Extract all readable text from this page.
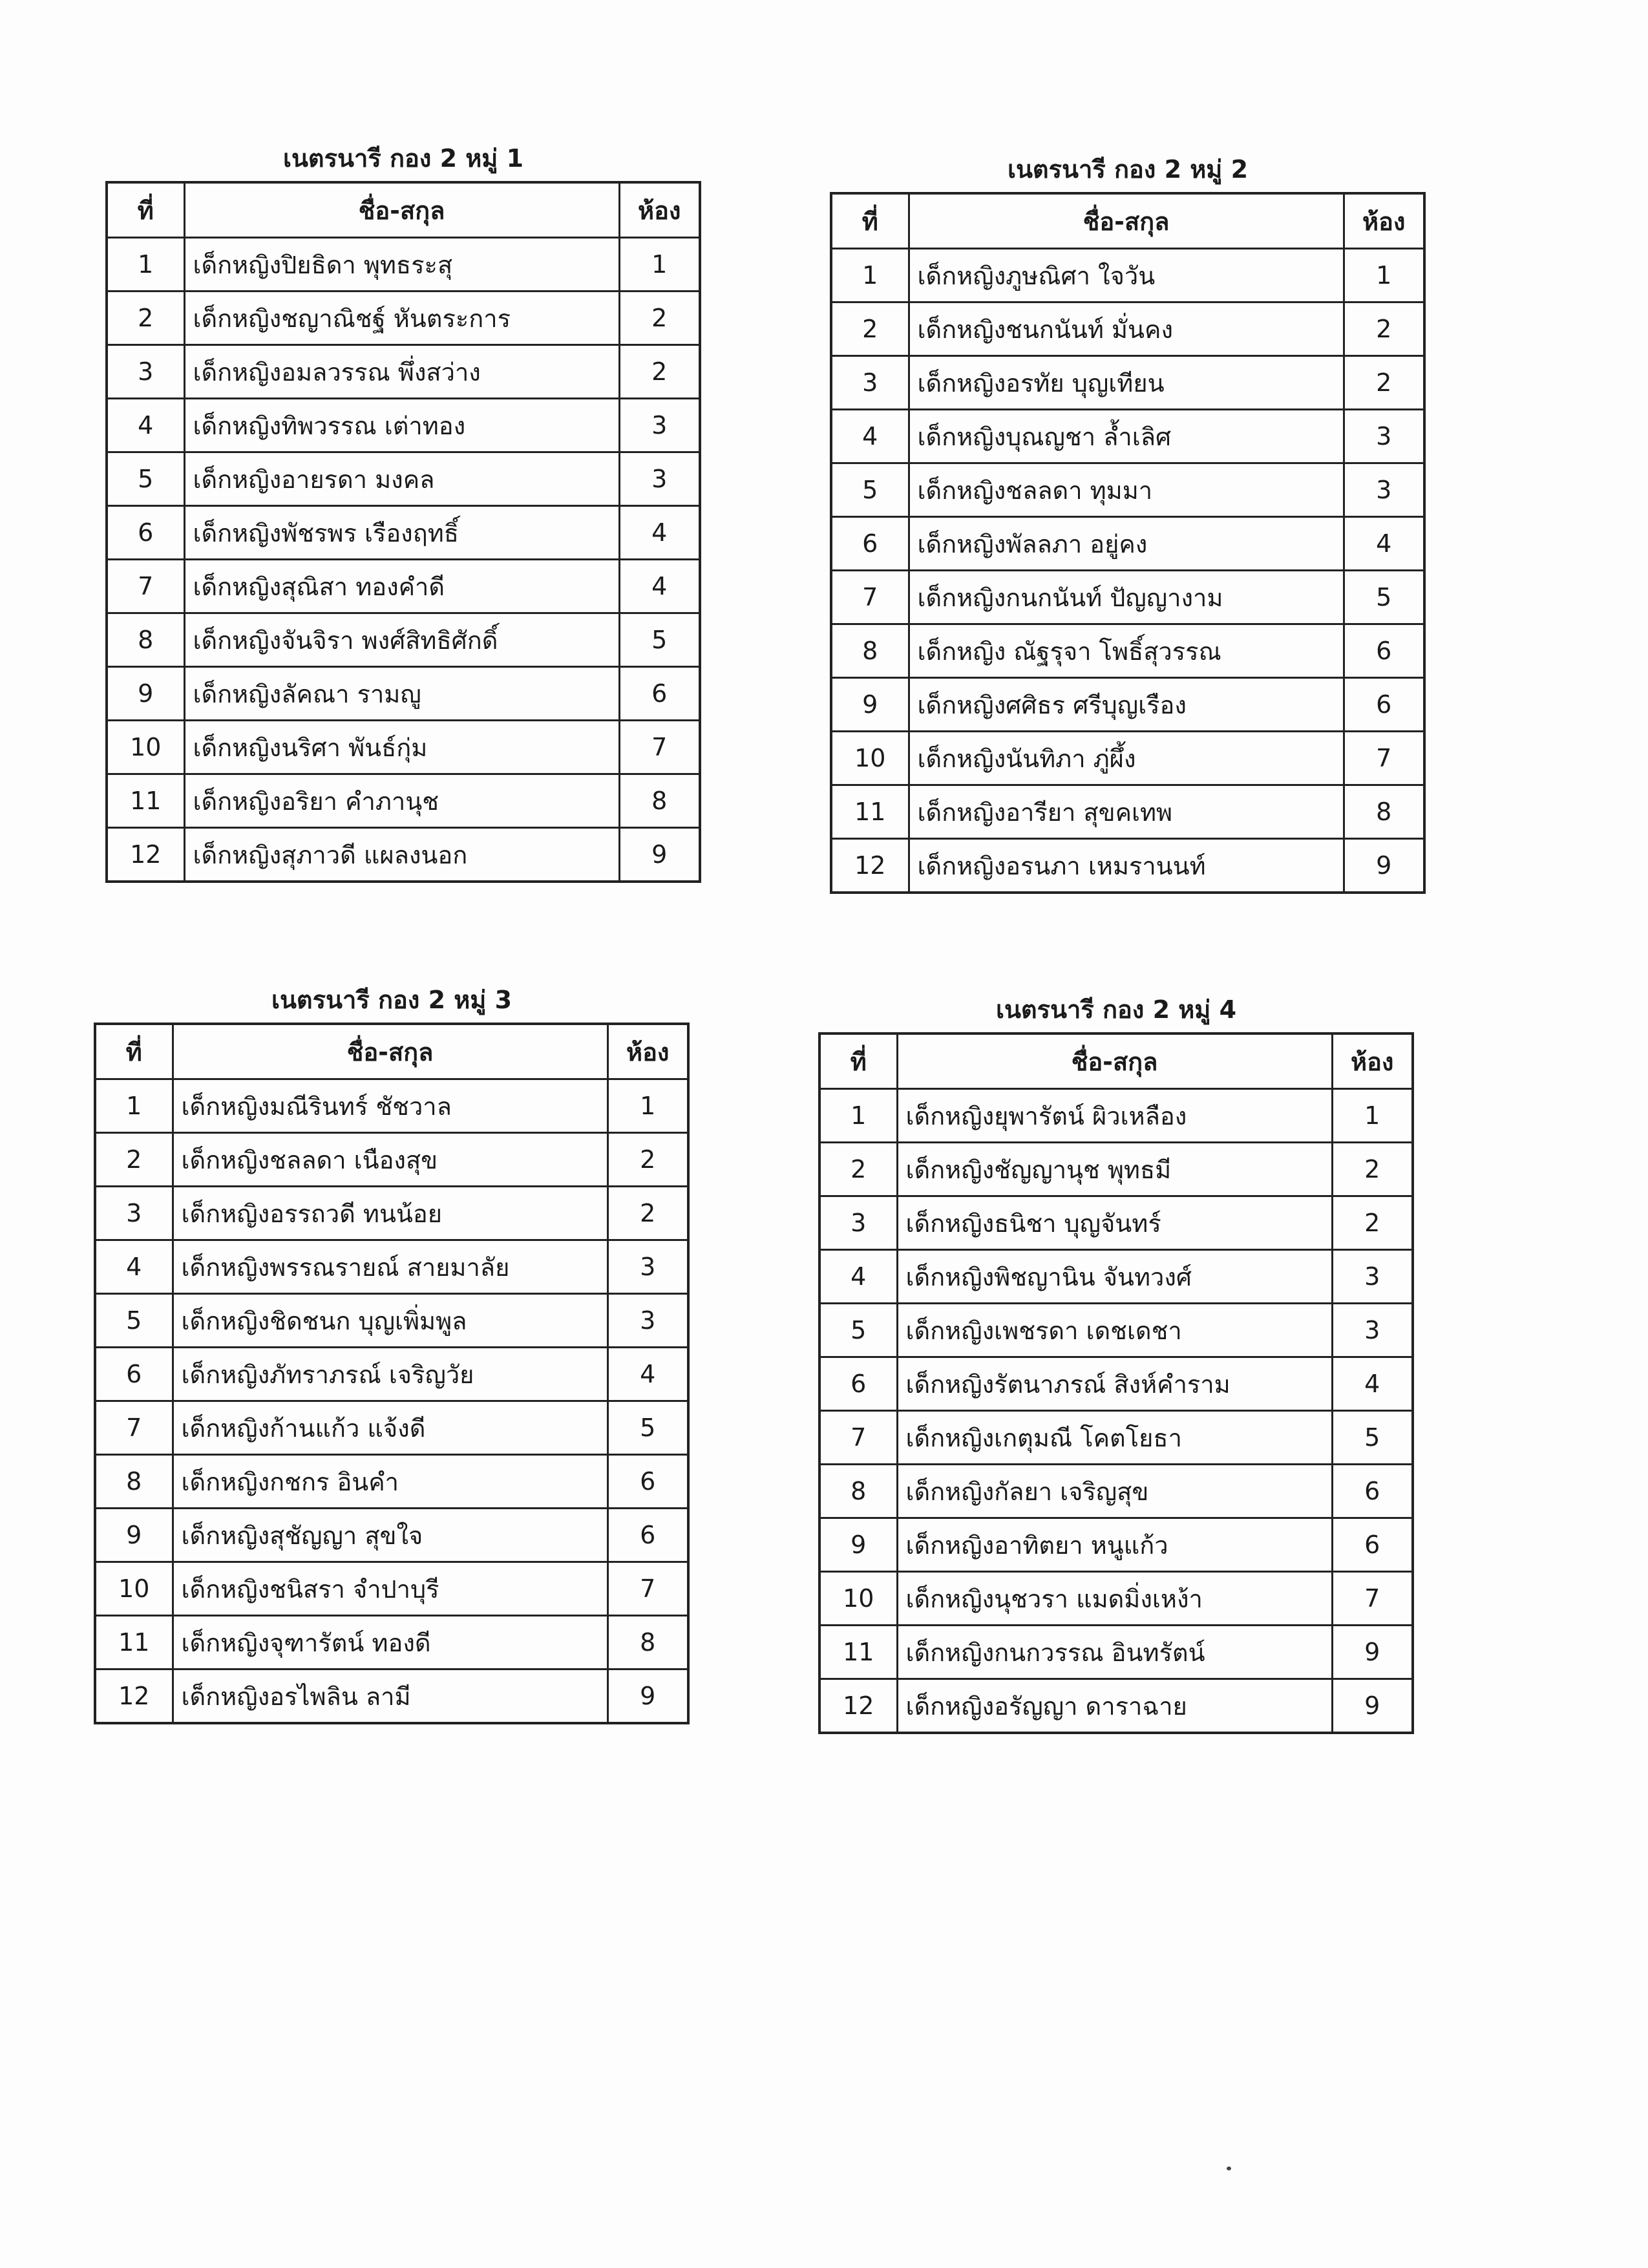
เนตรนารี กอง 2 หมู่ 1
ที่	ชื่อ-สกุล	ห้อง
1	เด็กหญิงปิยธิดา พุทธระสุ	1
2	เด็กหญิงชญาณิชฐ์ หันตระการ	2
3	เด็กหญิงอมลวรรณ พึ่งสว่าง	2
4	เด็กหญิงทิพวรรณ เต่าทอง	3
5	เด็กหญิงอายรดา มงคล	3
6	เด็กหญิงพัชรพร เรืองฤทธิ์	4
7	เด็กหญิงสุณิสา ทองคำดี	4
8	เด็กหญิงจันจิรา พงศ์สิทธิศักดิ์	5
9	เด็กหญิงลัคณา รามญู	6
10	เด็กหญิงนริศา พันธ์กุ่ม	7
11	เด็กหญิงอริยา คำภานุช	8
12	เด็กหญิงสุภาวดี แผลงนอก	9
เนตรนารี กอง 2 หมู่ 2
ที่	ชื่อ-สกุล	ห้อง
1	เด็กหญิงภูษณิศา ใจวัน	1
2	เด็กหญิงชนกนันท์ มั่นคง	2
3	เด็กหญิงอรทัย บุญเทียน	2
4	เด็กหญิงบุณญชา ล้ำเลิศ	3
5	เด็กหญิงชลลดา ทุมมา	3
6	เด็กหญิงพัลลภา อยู่คง	4
7	เด็กหญิงกนกนันท์ ปัญญางาม	5
8	เด็กหญิง ณัฐรุจา โพธิ์สุวรรณ	6
9	เด็กหญิงศศิธร ศรีบุญเรือง	6
10	เด็กหญิงนันทิภา ภู่ผึ้ง	7
11	เด็กหญิงอารียา สุขคเทพ	8
12	เด็กหญิงอรนภา เหมรานนท์	9
เนตรนารี กอง 2 หมู่ 3
ที่	ชื่อ-สกุล	ห้อง
1	เด็กหญิงมณีรินทร์ ชัชวาล	1
2	เด็กหญิงชลลดา เนืองสุข	2
3	เด็กหญิงอรรถวดี ทนน้อย	2
4	เด็กหญิงพรรณรายณ์ สายมาลัย	3
5	เด็กหญิงชิดชนก บุญเพิ่มพูล	3
6	เด็กหญิงภัทราภรณ์ เจริญวัย	4
7	เด็กหญิงก้านแก้ว แจ้งดี	5
8	เด็กหญิงกชกร อินคำ	6
9	เด็กหญิงสุชัญญา สุขใจ	6
10	เด็กหญิงชนิสรา จำปาบุรี	7
11	เด็กหญิงจุฑารัตน์ ทองดี	8
12	เด็กหญิงอรไพลิน ลามี	9
เนตรนารี กอง 2 หมู่ 4
ที่	ชื่อ-สกุล	ห้อง
1	เด็กหญิงยุพารัตน์ ผิวเหลือง	1
2	เด็กหญิงชัญญานุช พุทธมี	2
3	เด็กหญิงธนิชา บุญจันทร์	2
4	เด็กหญิงพิชญานิน จันทวงศ์	3
5	เด็กหญิงเพชรดา เดชเดชา	3
6	เด็กหญิงรัตนาภรณ์ สิงห์คำราม	4
7	เด็กหญิงเกตุมณี โคตโยธา	5
8	เด็กหญิงกัลยา เจริญสุข	6
9	เด็กหญิงอาทิตยา หนูแก้ว	6
10	เด็กหญิงนุชวรา แมดมิ่งเหง้า	7
11	เด็กหญิงกนกวรรณ อินทรัตน์	9
12	เด็กหญิงอรัญญา ดาราฉาย	9
